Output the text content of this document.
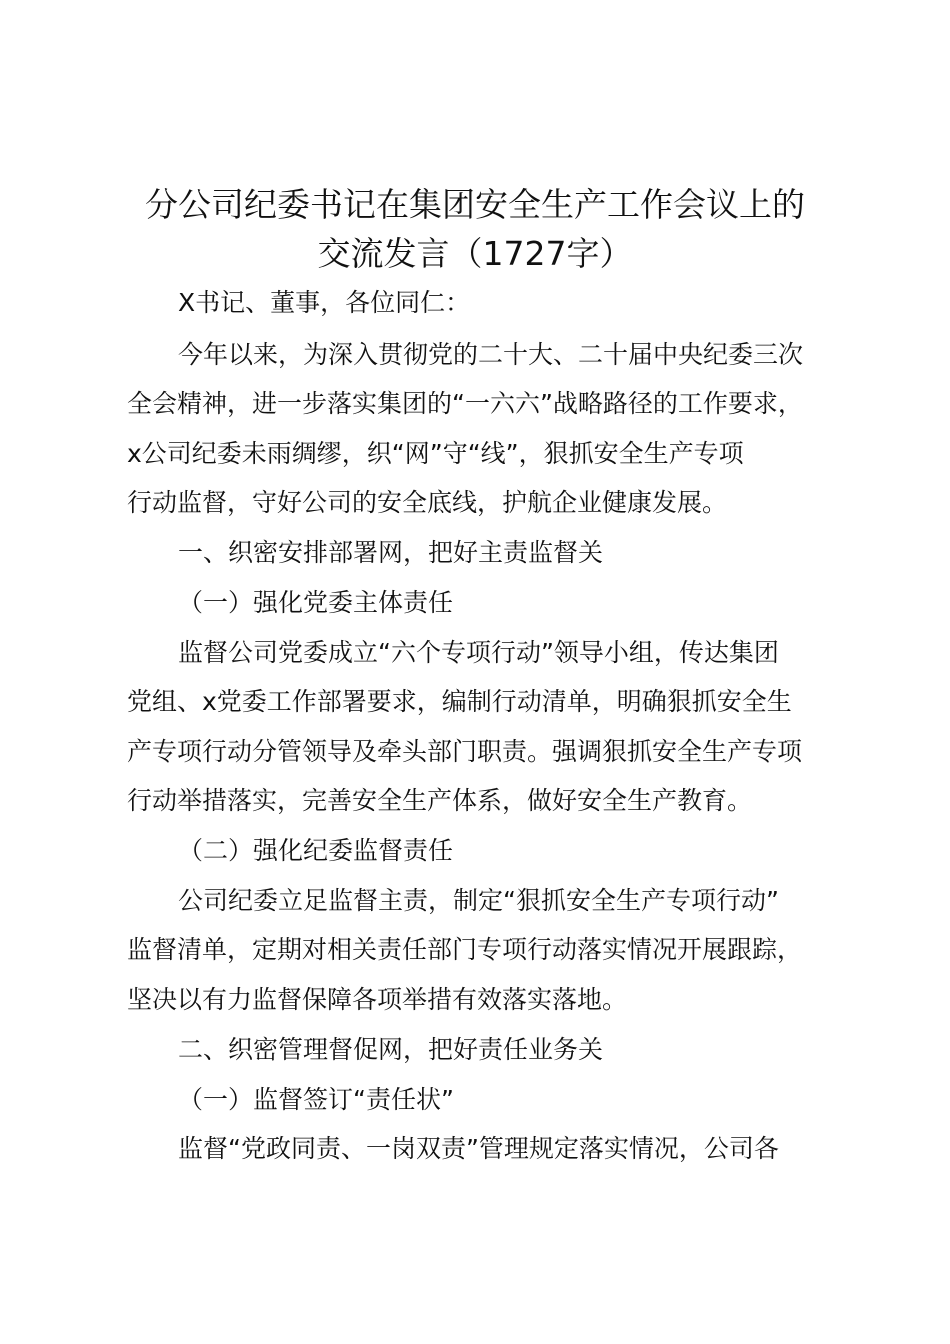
分公司纪委书记在集团安全生产工作会议上的
交流发言（1727字）
X书记、董事，各位同仁：
今年以来，为深入贯彻党的二十大、二十届中央纪委三次
全会精神，进一步落实集团的“一六六”战略路径的工作要求，
x公司纪委未雨绸缪，织“网”守“线”，狠抓安全生产专项
行动监督，守好公司的安全底线，护航企业健康发展。
一、织密安排部署网，把好主责监督关
（一）强化党委主体责任
监督公司党委成立“六个专项行动”领导小组，传达集团
党组、x党委工作部署要求，编制行动清单，明确狠抓安全生
产专项行动分管领导及牵头部门职责。强调狠抓安全生产专项
行动举措落实，完善安全生产体系，做好安全生产教育。
（二）强化纪委监督责任
公司纪委立足监督主责，制定“狠抓安全生产专项行动”
监督清单，定期对相关责任部门专项行动落实情况开展跟踪，
坚决以有力监督保障各项举措有效落实落地。
二、织密管理督促网，把好责任业务关
（一）监督签订“责任状”
监督“党政同责、一岗双责”管理规定落实情况，公司各
